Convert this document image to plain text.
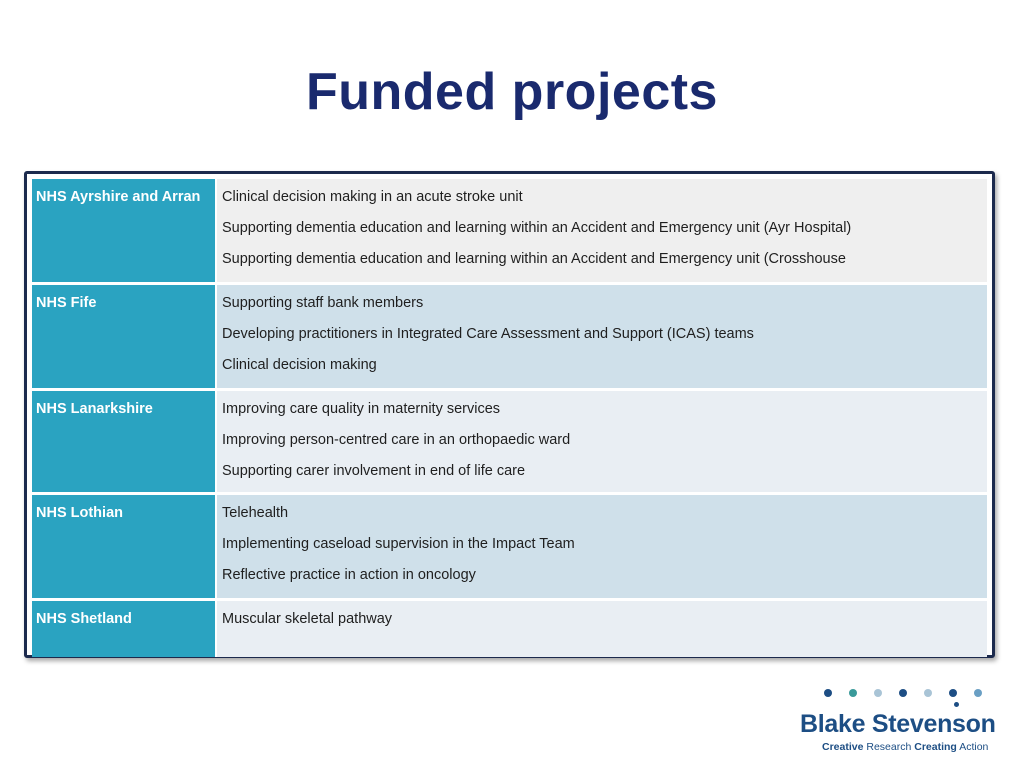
Funded projects
NHS Ayrshire and Arran	Clinical decision making in an acute stroke unit
Supporting dementia education and learning within an Accident and Emergency unit (Ayr Hospital)
Supporting dementia education and learning within an Accident and Emergency unit (Crosshouse
NHS Fife	Supporting staff bank members
Developing practitioners in Integrated Care Assessment and Support (ICAS) teams
Clinical decision making
NHS Lanarkshire	Improving care quality in maternity services
Improving person-centred care in an orthopaedic ward
Supporting carer involvement in end of life care
NHS Lothian	Telehealth
Implementing caseload supervision in the Impact Team
Reflective practice in action in oncology
NHS Shetland	Muscular skeletal pathway
Blake Stevenson
Creative Research Creating Action
